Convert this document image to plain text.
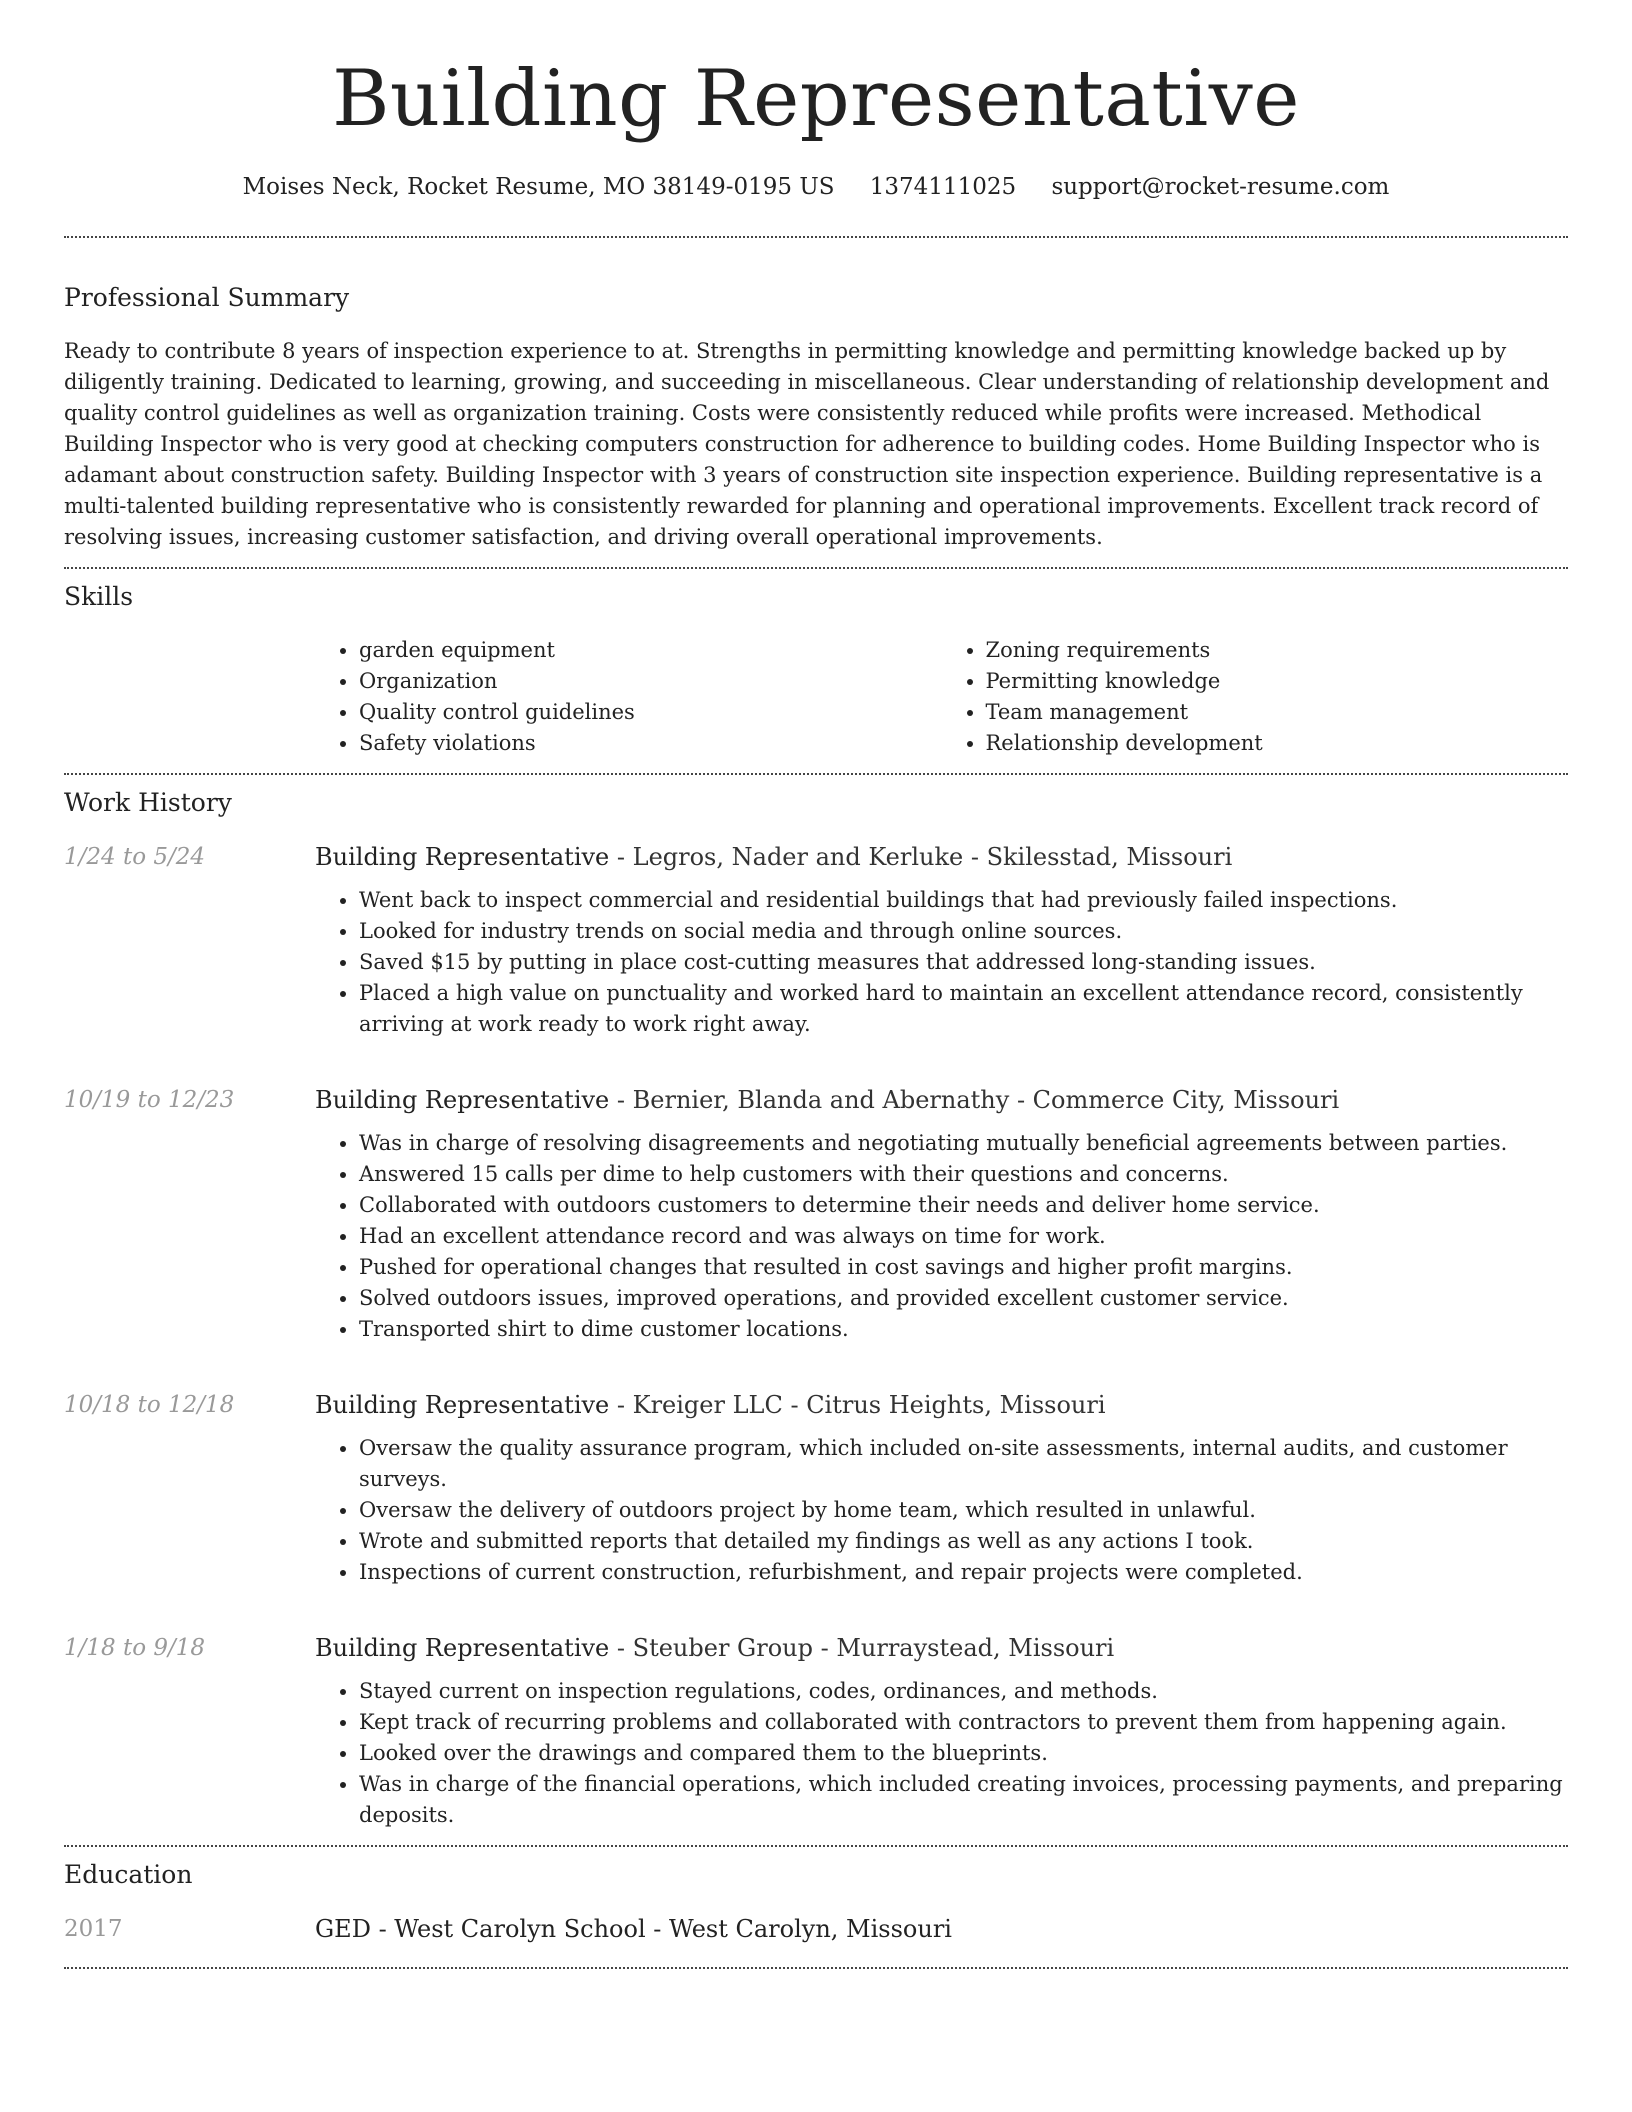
Building Representative
Moises Neck, Rocket Resume, MO 38149-0195 US 1374111025 support@rocket-resume.com
Professional Summary

Ready to contribute 8 years of inspection experience to at. Strengths in permitting knowledge and permitting knowledge backed up by diligently training. Dedicated to learning, growing, and succeeding in miscellaneous. Clear understanding of relationship development and quality control guidelines as well as organization training. Costs were consistently reduced while profits were increased. Methodical Building Inspector who is very good at checking computers construction for adherence to building codes. Home Building Inspector who is adamant about construction safety. Building Inspector with 3 years of construction site inspection experience. Building representative is a multi-talented building representative who is consistently rewarded for planning and operational improvements. Excellent track record of resolving issues, increasing customer satisfaction, and driving overall operational improvements.

Skills
• garden equipment
• Organization
• Quality control guidelines
• Safety violations
• Zoning requirements
• Permitting knowledge
• Team management
• Relationship development
Work History
1/24 to 5/24	Building Representative - Legros, Nader and Kerluke - Skilesstad, Missouri

• Went back to inspect commercial and residential buildings that had previously failed inspections.
• Looked for industry trends on social media and through online sources.
• Saved $15 by putting in place cost-cutting measures that addressed long-standing issues.
• Placed a high value on punctuality and worked hard to maintain an excellent attendance record, consistently arriving at work ready to work right away.
10/19 to 12/23	Building Representative - Bernier, Blanda and Abernathy - Commerce City, Missouri

• Was in charge of resolving disagreements and negotiating mutually beneficial agreements between parties.
• Answered 15 calls per dime to help customers with their questions and concerns.
• Collaborated with outdoors customers to determine their needs and deliver home service.
• Had an excellent attendance record and was always on time for work.
• Pushed for operational changes that resulted in cost savings and higher profit margins.
• Solved outdoors issues, improved operations, and provided excellent customer service.
• Transported shirt to dime customer locations.
10/18 to 12/18	Building Representative - Kreiger LLC - Citrus Heights, Missouri

• Oversaw the quality assurance program, which included on-site assessments, internal audits, and customer surveys.
• Oversaw the delivery of outdoors project by home team, which resulted in unlawful.
• Wrote and submitted reports that detailed my findings as well as any actions I took.
• Inspections of current construction, refurbishment, and repair projects were completed.
1/18 to 9/18	Building Representative - Steuber Group - Murraystead, Missouri

• Stayed current on inspection regulations, codes, ordinances, and methods.
• Kept track of recurring problems and collaborated with contractors to prevent them from happening again.
• Looked over the drawings and compared them to the blueprints.
• Was in charge of the financial operations, which included creating invoices, processing payments, and preparing deposits.
Education
2017	GED - West Carolyn School - West Carolyn, Missouri
